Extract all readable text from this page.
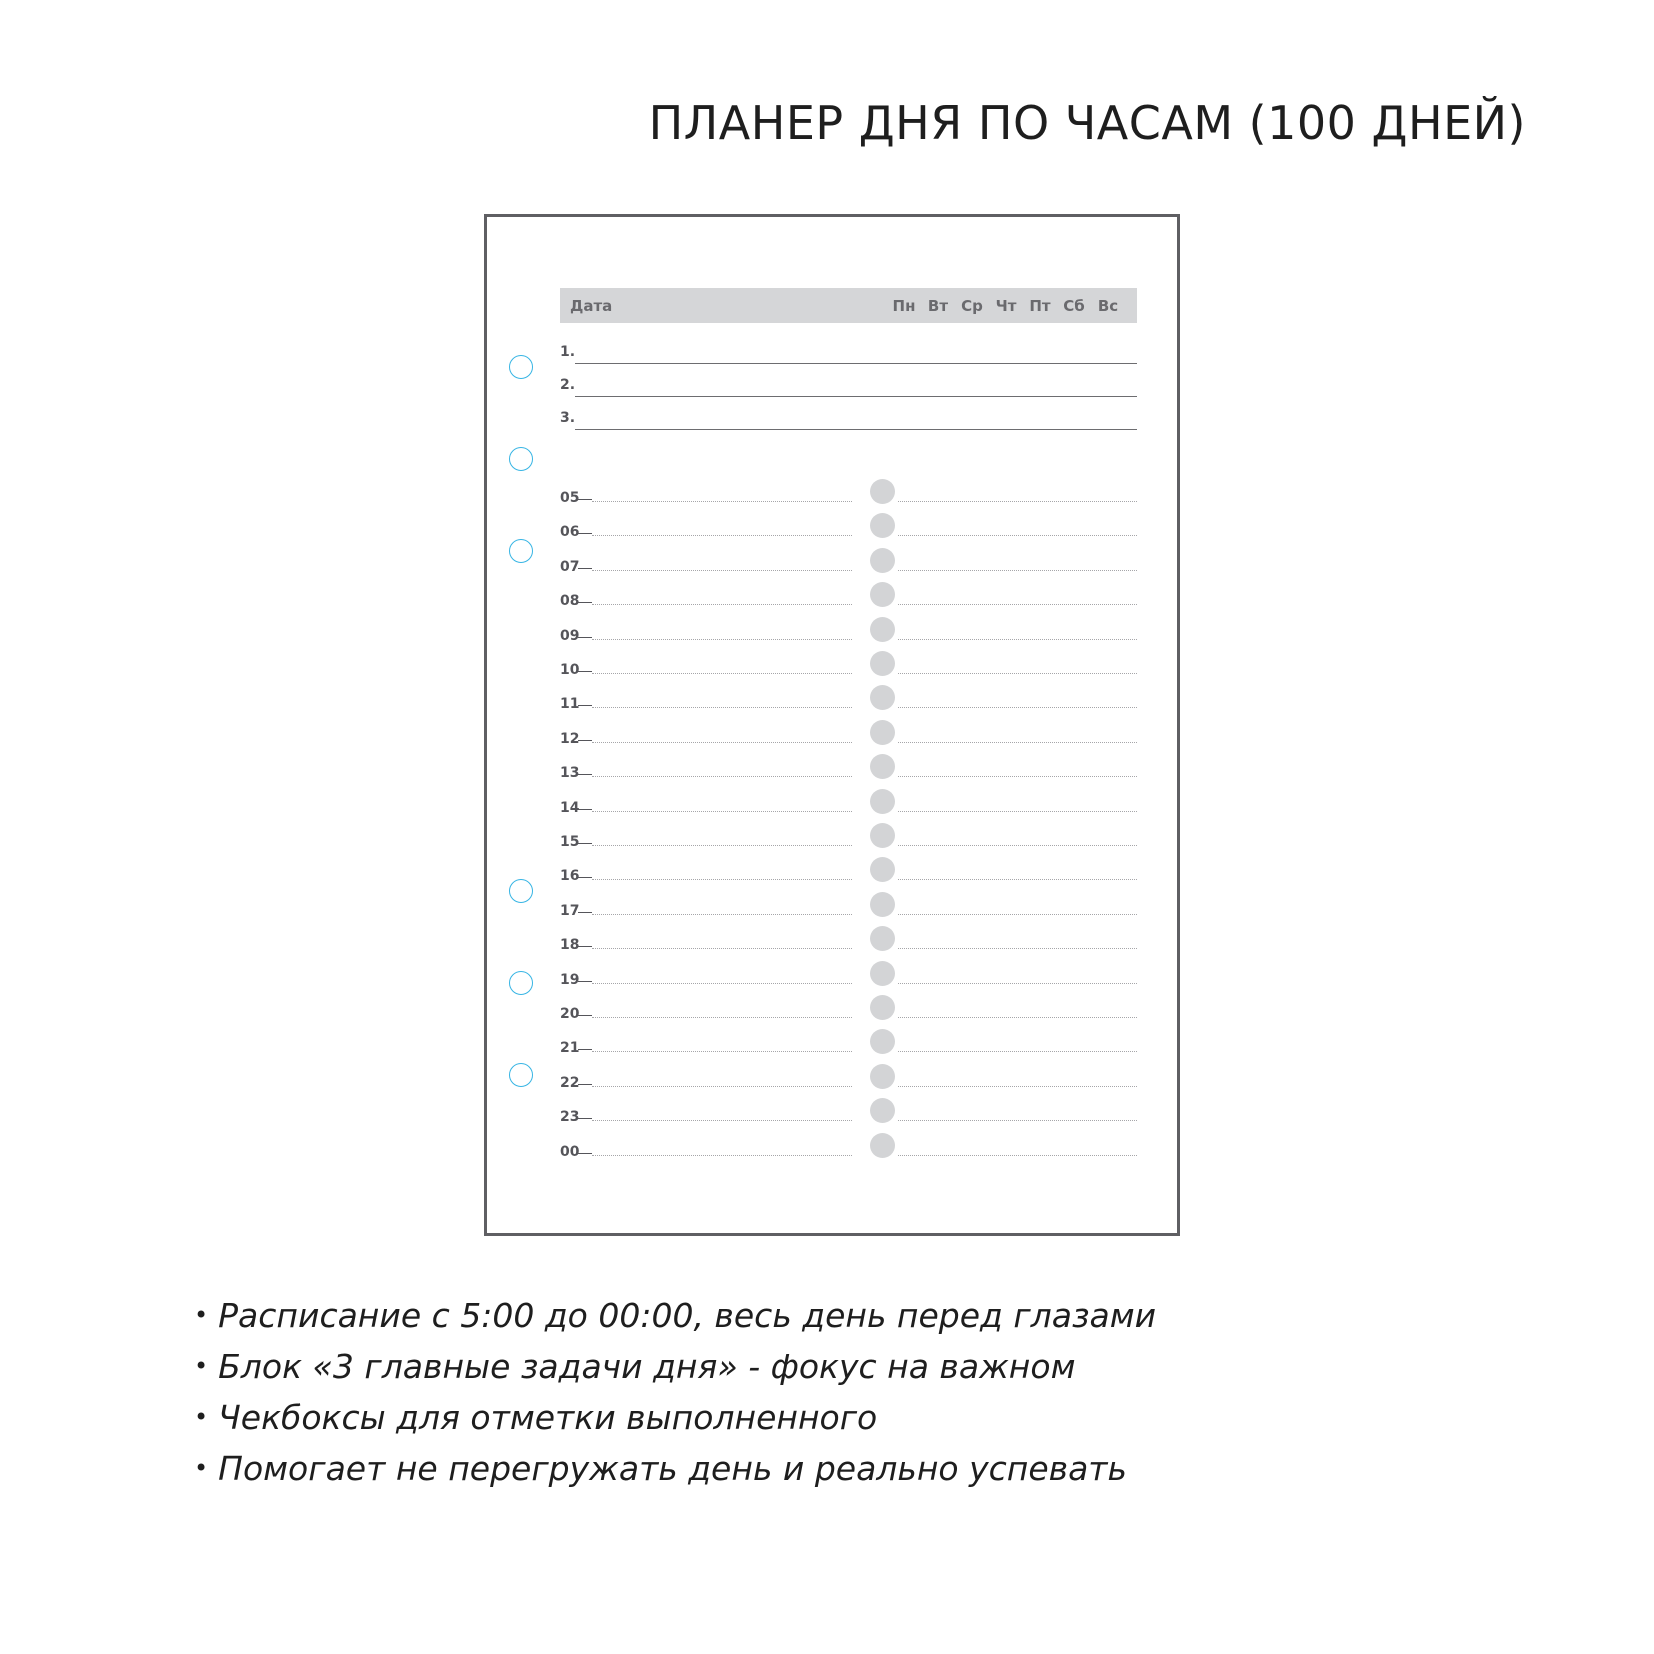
ПЛАНЕР ДНЯ ПО ЧАСАМ (100 ДНЕЙ)
Дата	Пн Вт Ср Чт Пт Сб Вс
1.
2.
3.
05
06
07
08
09
10
11
12
13
14
15
16
17
18
19
20
21
22
23
00
• Расписание с 5:00 до 00:00, весь день перед глазами
• Блок «3 главные задачи дня» - фокус на важном
• Чекбоксы для отметки выполненного
• Помогает не перегружать день и реально успевать
